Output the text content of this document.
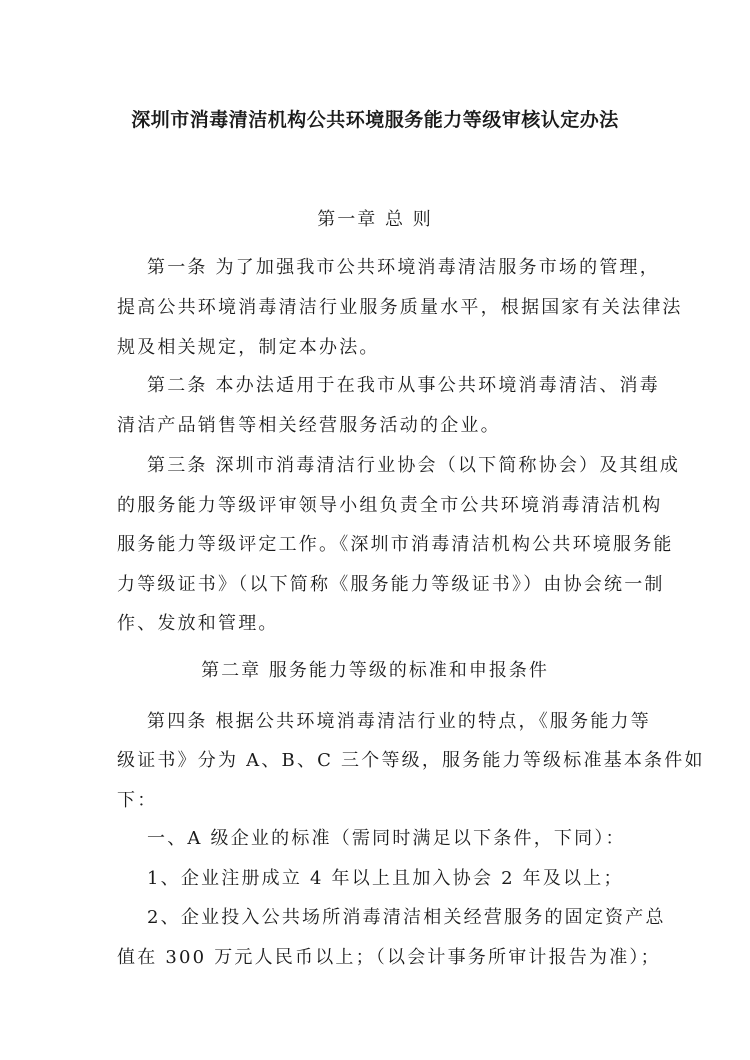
深圳市消毒清洁机构公共环境服务能力等级审核认定办法
第一章 总 则
第一条 为了加强我市公共环境消毒清洁服务市场的管理，
提高公共环境消毒清洁行业服务质量水平，根据国家有关法律法
规及相关规定，制定本办法。
第二条 本办法适用于在我市从事公共环境消毒清洁、消毒
清洁产品销售等相关经营服务活动的企业。
第三条 深圳市消毒清洁行业协会（以下简称协会）及其组成
的服务能力等级评审领导小组负责全市公共环境消毒清洁机构
服务能力等级评定工作。《深圳市消毒清洁机构公共环境服务能
力等级证书》（以下简称《服务能力等级证书》）由协会统一制
作、发放和管理。
第二章 服务能力等级的标准和申报条件
第四条 根据公共环境消毒清洁行业的特点，《服务能力等
级证书》分为 A、B、C 三个等级，服务能力等级标准基本条件如
下：
一、A 级企业的标准（需同时满足以下条件，下同）：
1、企业注册成立 4 年以上且加入协会 2 年及以上；
2、企业投入公共场所消毒清洁相关经营服务的固定资产总
值在 300 万元人民币以上；（以会计事务所审计报告为准）；
